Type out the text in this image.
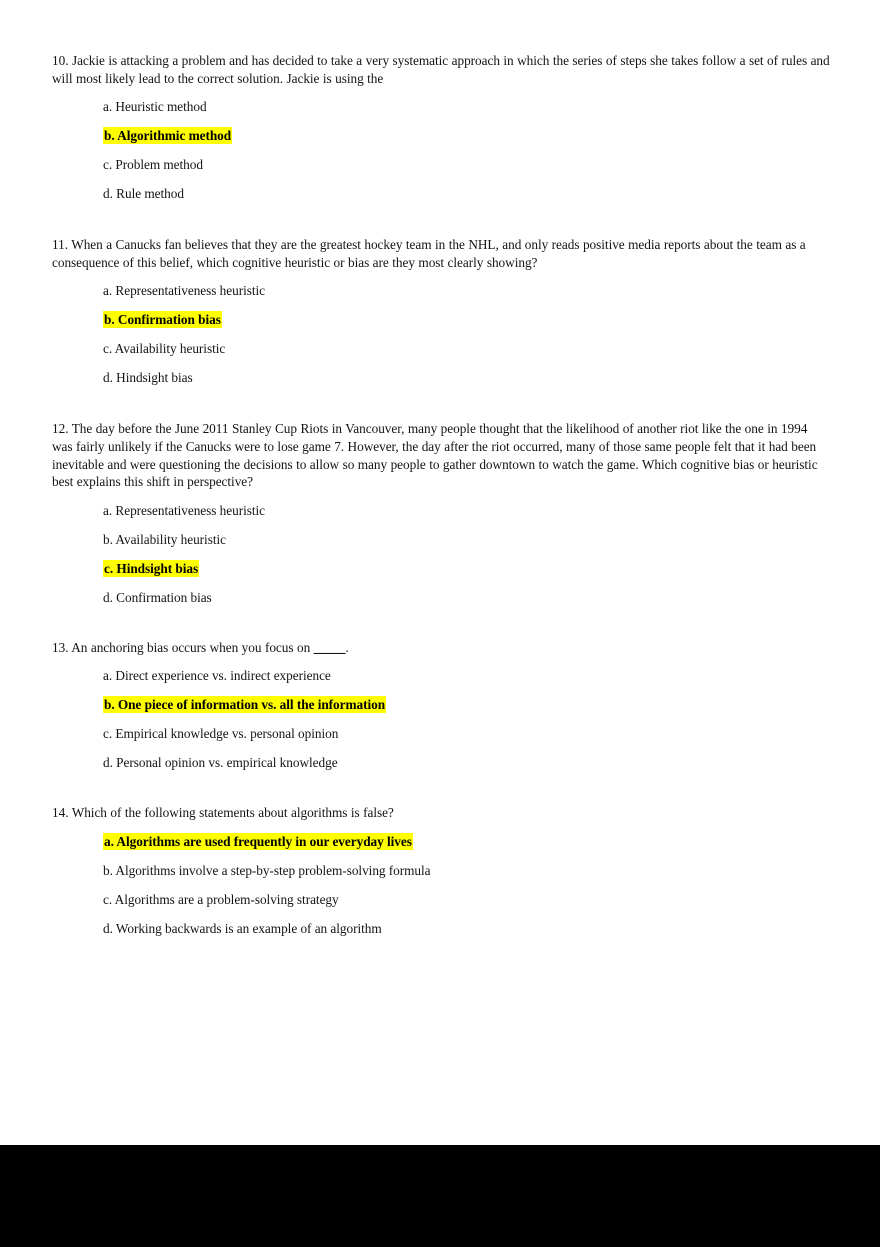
10. Jackie is attacking a problem and has decided to take a very systematic approach in which the series of steps she takes follow a set of rules and will most likely lead to the correct solution. Jackie is using the
a. Heuristic method
b. Algorithmic method
c. Problem method
d. Rule method
11. When a Canucks fan believes that they are the greatest hockey team in the NHL, and only reads positive media reports about the team as a consequence of this belief, which cognitive heuristic or bias are they most clearly showing?
a. Representativeness heuristic
b. Confirmation bias
c. Availability heuristic
d. Hindsight bias
12. The day before the June 2011 Stanley Cup Riots in Vancouver, many people thought that the likelihood of another riot like the one in 1994 was fairly unlikely if the Canucks were to lose game 7. However, the day after the riot occurred, many of those same people felt that it had been inevitable and were questioning the decisions to allow so many people to gather downtown to watch the game. Which cognitive bias or heuristic best explains this shift in perspective?
a. Representativeness heuristic
b. Availability heuristic
c. Hindsight bias
d. Confirmation bias
13. An anchoring bias occurs when you focus on _____.
a. Direct experience vs. indirect experience
b. One piece of information vs. all the information
c. Empirical knowledge vs. personal opinion
d. Personal opinion vs. empirical knowledge
14. Which of the following statements about algorithms is false?
a. Algorithms are used frequently in our everyday lives
b. Algorithms involve a step-by-step problem-solving formula
c. Algorithms are a problem-solving strategy
d. Working backwards is an example of an algorithm
